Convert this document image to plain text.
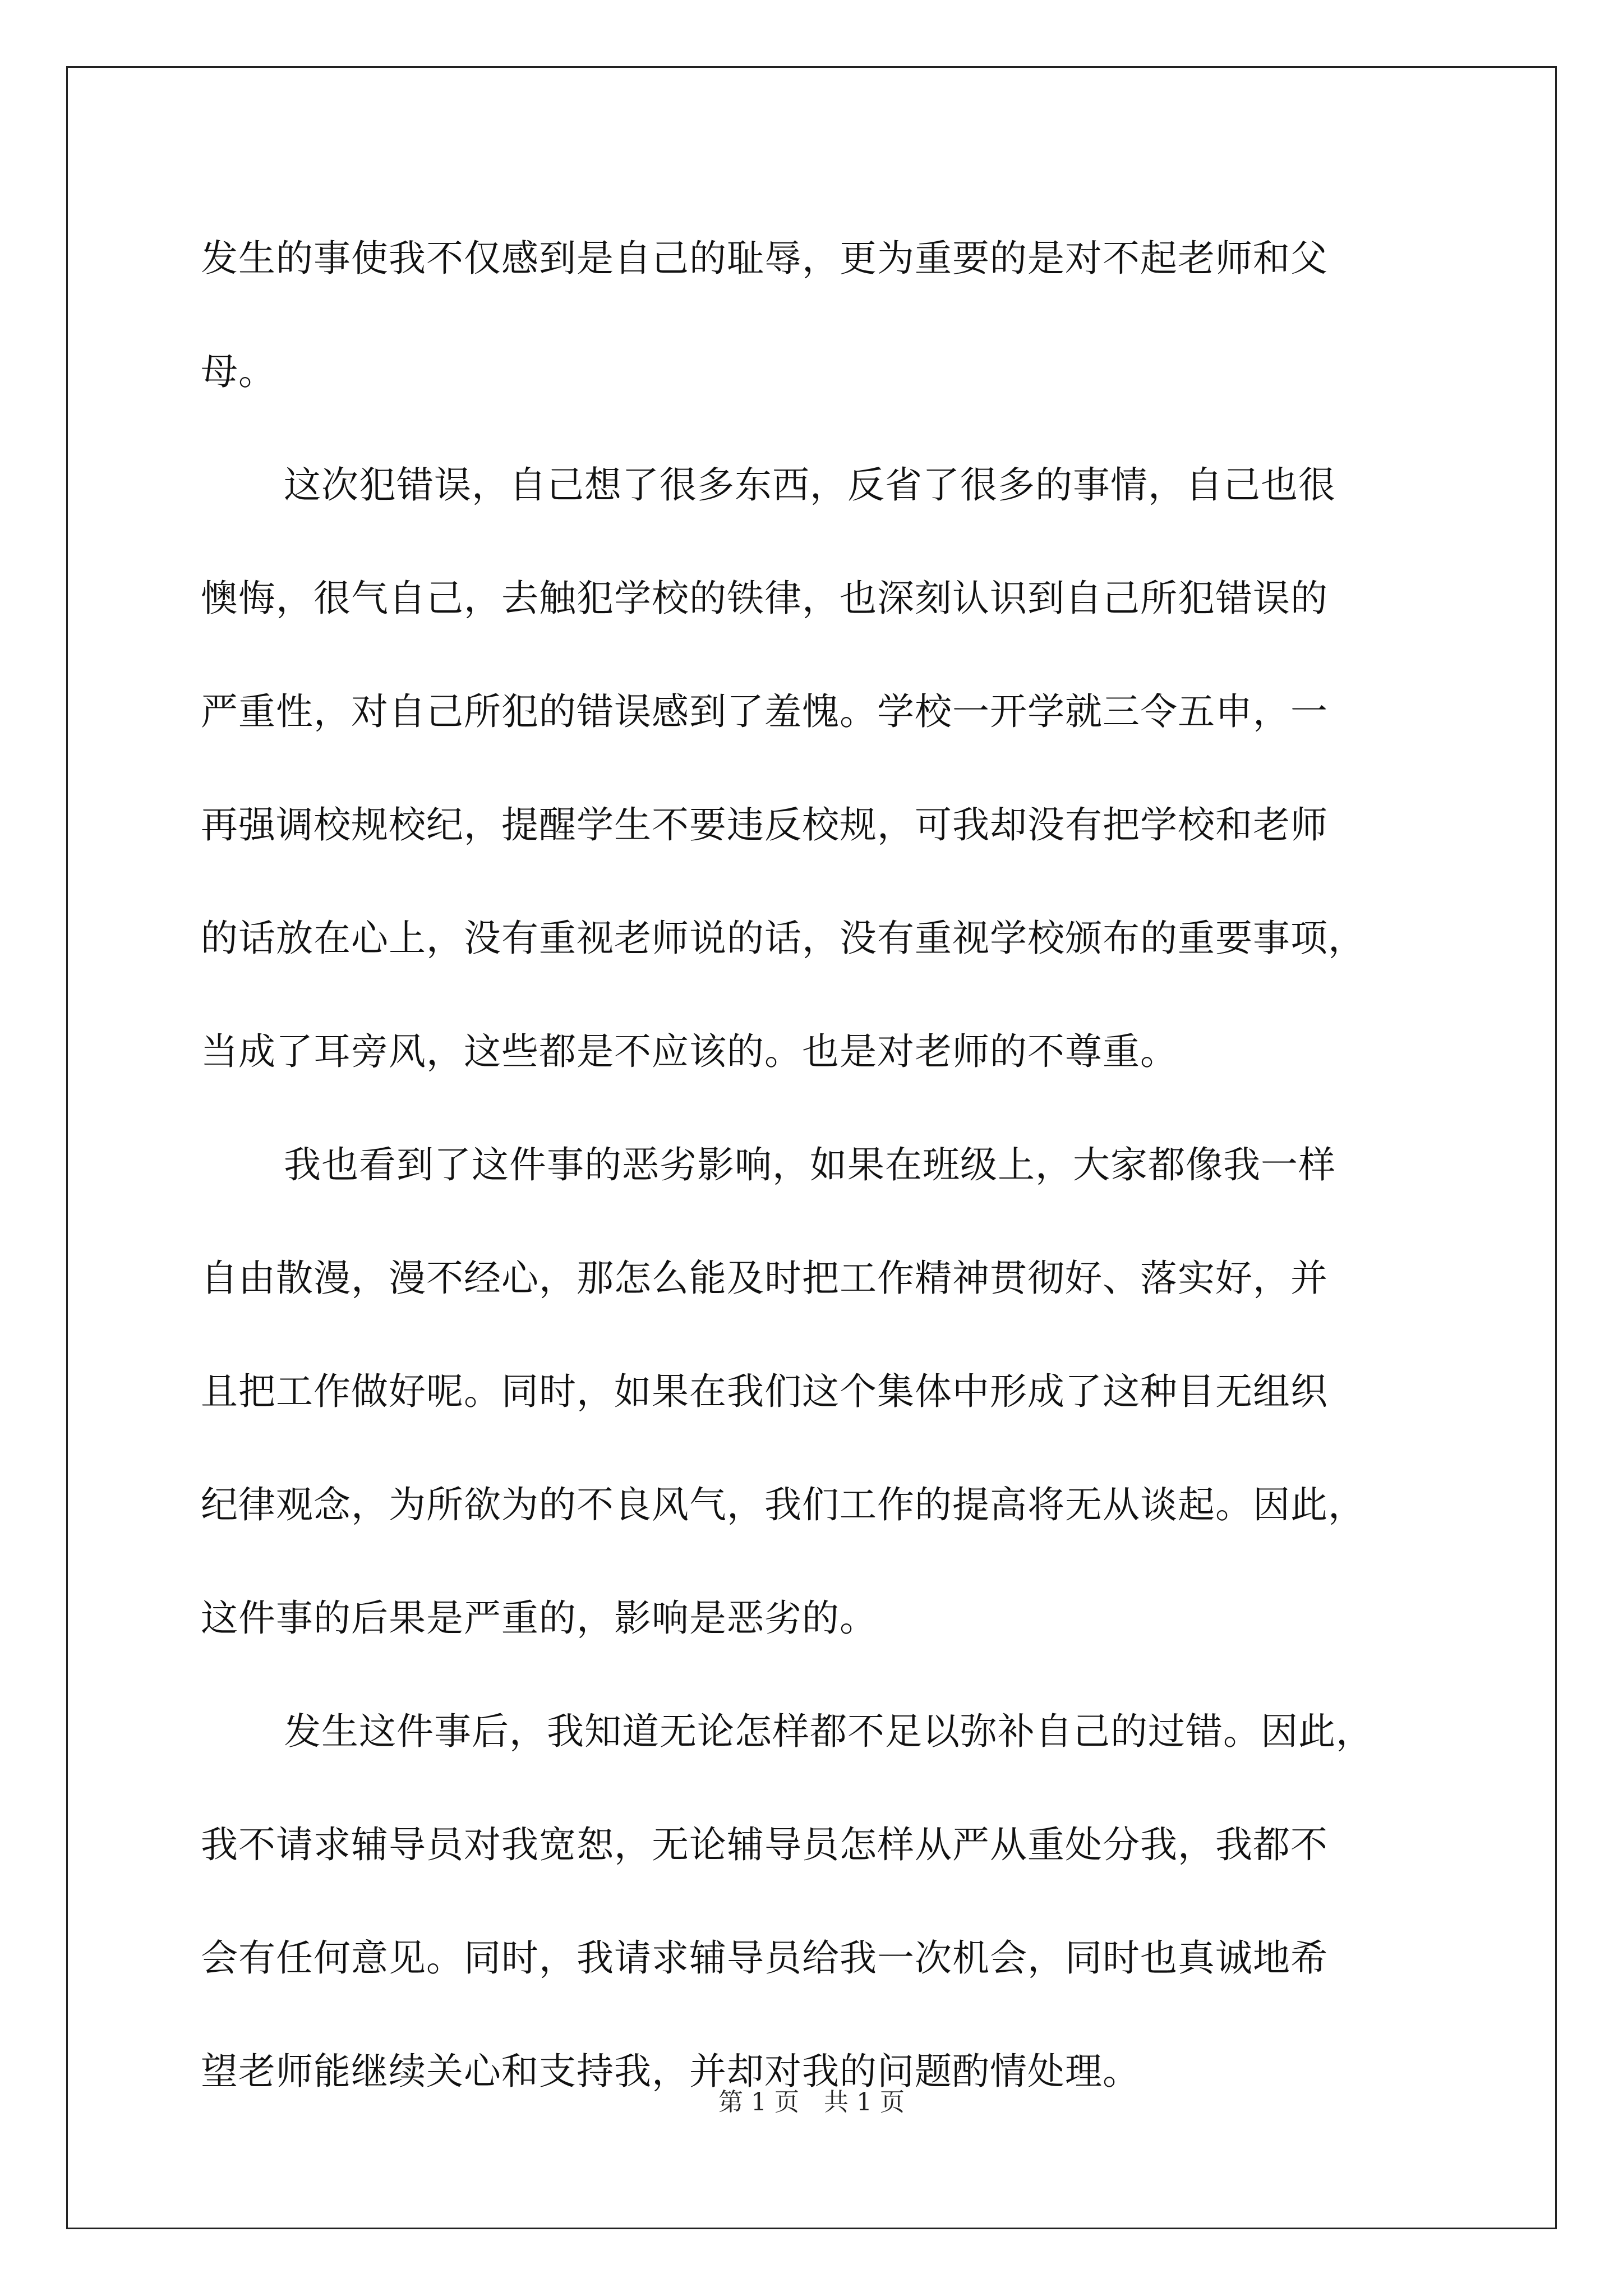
发生的事使我不仅感到是自己的耻辱，更为重要的是对不起老师和父
母。
这次犯错误，自己想了很多东西，反省了很多的事情，自己也很
懊悔，很气自己，去触犯学校的铁律，也深刻认识到自己所犯错误的
严重性，对自己所犯的错误感到了羞愧。学校一开学就三令五申，一
再强调校规校纪，提醒学生不要违反校规，可我却没有把学校和老师
的话放在心上，没有重视老师说的话，没有重视学校颁布的重要事项，
当成了耳旁风，这些都是不应该的。也是对老师的不尊重。
我也看到了这件事的恶劣影响，如果在班级上，大家都像我一样
自由散漫，漫不经心，那怎么能及时把工作精神贯彻好、落实好，并
且把工作做好呢。同时，如果在我们这个集体中形成了这种目无组织
纪律观念，为所欲为的不良风气，我们工作的提高将无从谈起。因此，
这件事的后果是严重的，影响是恶劣的。
发生这件事后，我知道无论怎样都不足以弥补自己的过错。因此，
我不请求辅导员对我宽恕，无论辅导员怎样从严从重处分我，我都不
会有任何意见。同时，我请求辅导员给我一次机会，同时也真诚地希
望老师能继续关心和支持我，并却对我的问题酌情处理。
第 1 页　共 1 页
